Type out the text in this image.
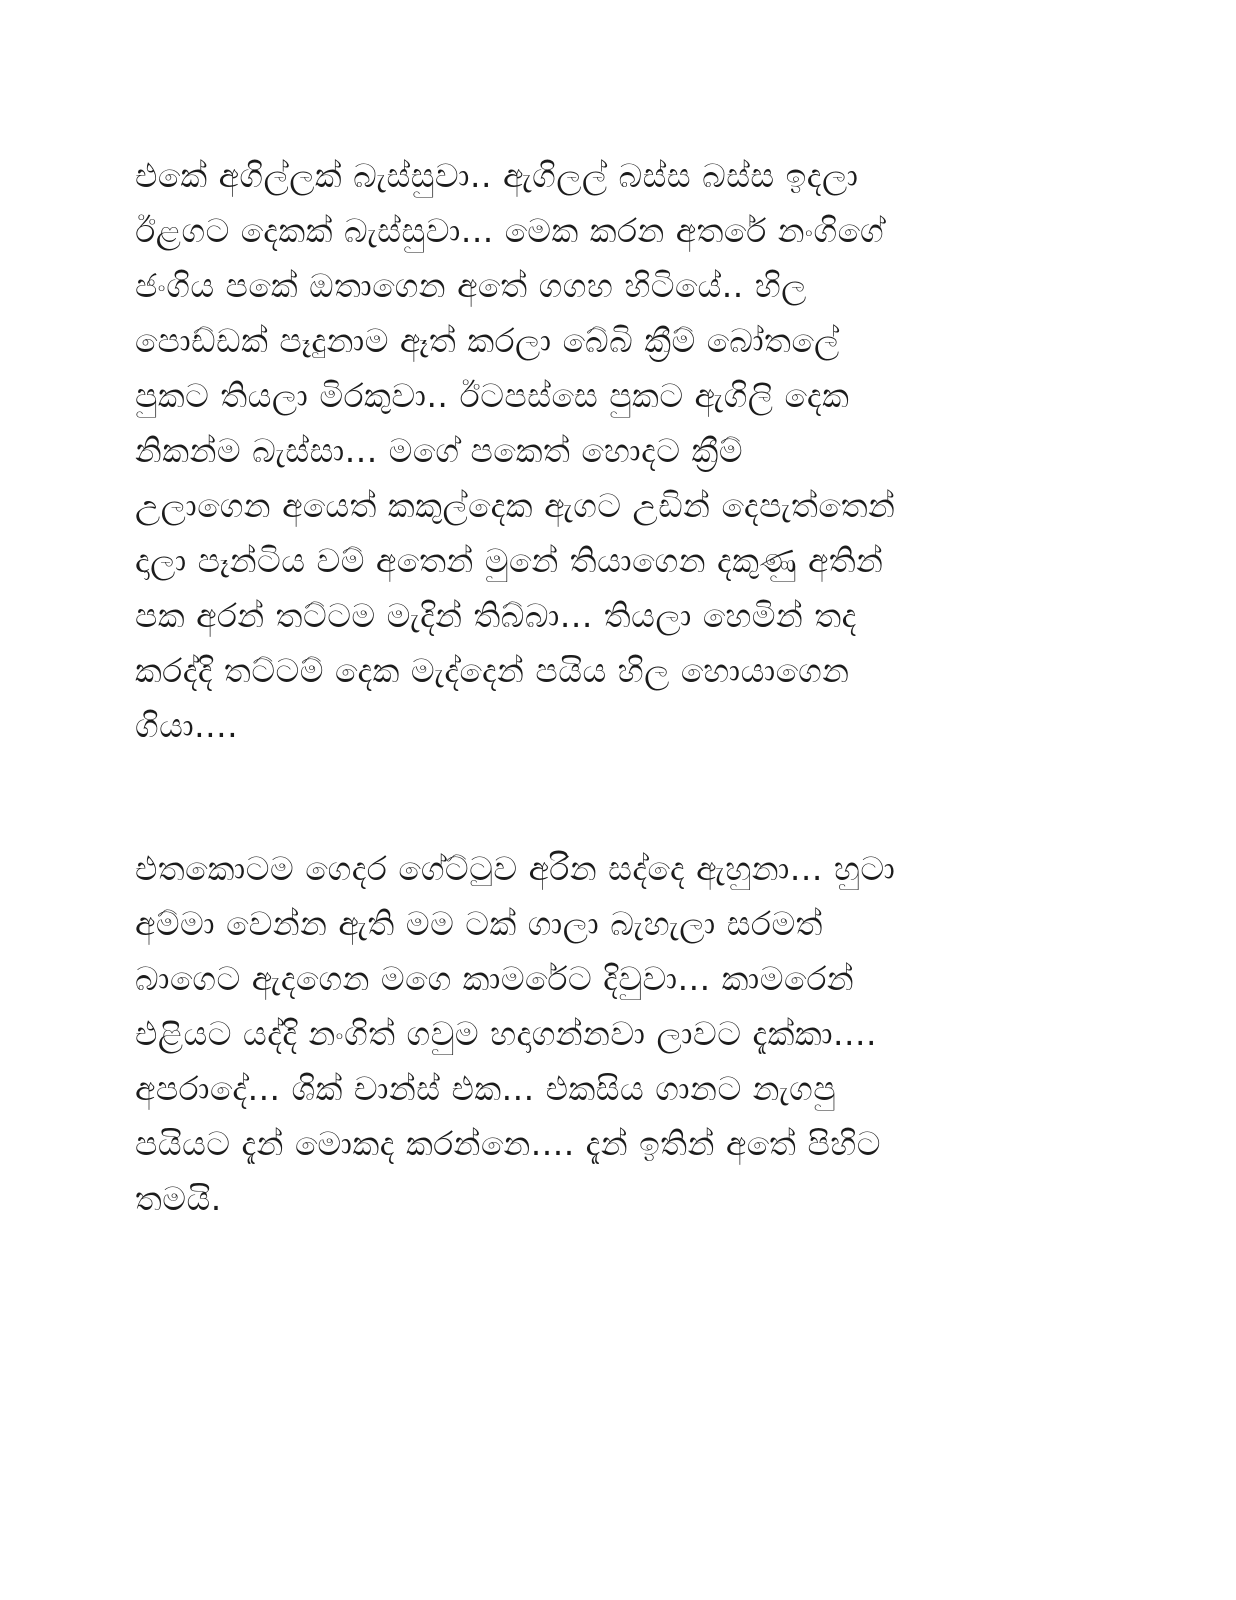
එකේ අගිල්ලක් බැස්සුවා.. ඇගිලල් බස්ස බස්ස ඉදලා
ඊළගට දෙකක් බැස්සුවා... මෙක කරන අතරේ නංගිගේ
ජංගිය පකේ ඔතාගෙන අතේ ගගහ හිටියේ.. හිල
පොඩ්ඩක් පෑදුනාම ඈත් කරලා බේබි ක්‍රීම් බෝතලේ
පුකට තියලා මිරකුවා.. ඊටපස්සෙ පුකට ඇගිලි දෙක
නිකන්ම බැස්සා... මගේ පකෙත් හොදට ක්‍රීම්
උලාගෙන අයෙත් කකුල්දෙක ඇගට උඩින් දෙපැත්තෙන්
දාලා පෑන්ටිය වම් අතෙන් මුනේ තියාගෙන දකුණු අතින්
පක අරන් තට්ටම මැදින් තිබ්බා... තියලා හෙමින් තද
කරද්දි තට්ටම් දෙක මැද්දෙන් පයිය හිල හොයාගෙන
ගියා....
එතකොටම ගෙදර ගේට්ටුව අරින සද්දෙ ඇහුනා... හුටා
අම්මා වෙන්න ඇති මම ටක් ගාලා බැහැලා සරමත්
බාගෙට ඇදගෙන මගෙ කාමරේට දිවුවා... කාමරෙන්
එළියට යද්දි නංගිත් ගවුම හදාගන්නවා ලාවට දැක්කා....
අපරාදේ... ශික් චාන්ස් එක... එකසිය ගානට නැගපු
පයියට දැන් මොකද කරන්නෙ.... දැන් ඉතින් අතේ පිහිට
තමයි.
